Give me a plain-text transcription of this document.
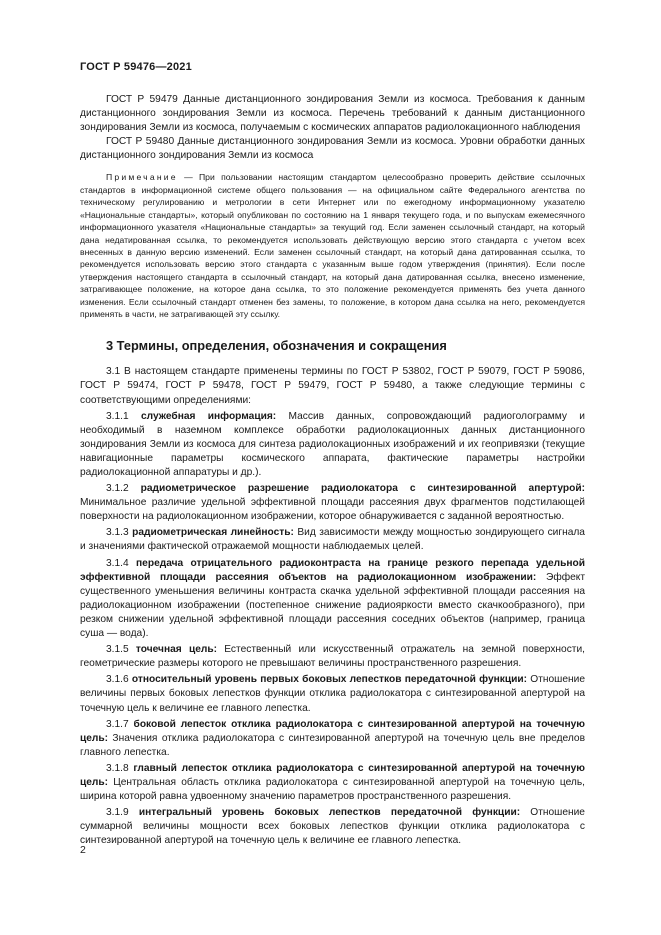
ГОСТ Р 59476—2021

ГОСТ Р 59479 Данные дистанционного зондирования Земли из космоса. Требования к данным дистанционного зондирования Земли из космоса. Перечень требований к данным дистанционного зондирования Земли из космоса, получаемым с космических аппаратов радиолокационного наблюдения

ГОСТ Р 59480 Данные дистанционного зондирования Земли из космоса. Уровни обработки данных дистанционного зондирования Земли из космоса

Примечание — При пользовании настоящим стандартом целесообразно проверить действие ссылочных стандартов в информационной системе общего пользования — на официальном сайте Федерального агентства по техническому регулированию и метрологии в сети Интернет или по ежегодному информационному указателю «Национальные стандарты», который опубликован по состоянию на 1 января текущего года, и по выпускам ежемесячного информационного указателя «Национальные стандарты» за текущий год. Если заменен ссылочный стандарт, на который дана недатированная ссылка, то рекомендуется использовать действующую версию этого стандарта с учетом всех внесенных в данную версию изменений. Если заменен ссылочный стандарт, на который дана датированная ссылка, то рекомендуется использовать версию этого стандарта с указанным выше годом утверждения (принятия). Если после утверждения настоящего стандарта в ссылочный стандарт, на который дана датированная ссылка, внесено изменение, затрагивающее положение, на которое дана ссылка, то это положение рекомендуется применять без учета данного изменения. Если ссылочный стандарт отменен без замены, то положение, в котором дана ссылка на него, рекомендуется применять в части, не затрагивающей эту ссылку.

3 Термины, определения, обозначения и сокращения

3.1 В настоящем стандарте применены термины по ГОСТ Р 53802, ГОСТ Р 59079, ГОСТ Р 59086, ГОСТ Р 59474, ГОСТ Р 59478, ГОСТ Р 59479, ГОСТ Р 59480, а также следующие термины с соответствующими определениями:

3.1.1 служебная информация: Массив данных, сопровождающий радиоголограмму и необходимый в наземном комплексе обработки радиолокационных данных дистанционного зондирования Земли из космоса для синтеза радиолокационных изображений и их геопривязки (текущие навигационные параметры космического аппарата, фактические параметры настройки радиолокационной аппаратуры и др.).

3.1.2 радиометрическое разрешение радиолокатора с синтезированной апертурой: Минимальное различие удельной эффективной площади рассеяния двух фрагментов подстилающей поверхности на радиолокационном изображении, которое обнаруживается с заданной вероятностью.

3.1.3 радиометрическая линейность: Вид зависимости между мощностью зондирующего сигнала и значениями фактической отражаемой мощности наблюдаемых целей.

3.1.4 передача отрицательного радиоконтраста на границе резкого перепада удельной эффективной площади рассеяния объектов на радиолокационном изображении: Эффект существенного уменьшения величины контраста скачка удельной эффективной площади рассеяния на радиолокационном изображении (постепенное снижение радиояркости вместо скачкообразного), при резком снижении удельной эффективной площади рассеяния соседних объектов (например, граница суша — вода).

3.1.5 точечная цель: Естественный или искусственный отражатель на земной поверхности, геометрические размеры которого не превышают величины пространственного разрешения.

3.1.6 относительный уровень первых боковых лепестков передаточной функции: Отношение величины первых боковых лепестков функции отклика радиолокатора с синтезированной апертурой на точечную цель к величине ее главного лепестка.

3.1.7 боковой лепесток отклика радиолокатора с синтезированной апертурой на точечную цель: Значения отклика радиолокатора с синтезированной апертурой на точечную цель вне пределов главного лепестка.

3.1.8 главный лепесток отклика радиолокатора с синтезированной апертурой на точечную цель: Центральная область отклика радиолокатора с синтезированной апертурой на точечную цель, ширина которой равна удвоенному значению параметров пространственного разрешения.

3.1.9 интегральный уровень боковых лепестков передаточной функции: Отношение суммарной величины мощности всех боковых лепестков функции отклика радиолокатора с синтезированной апертурой на точечную цель к величине ее главного лепестка.

2
